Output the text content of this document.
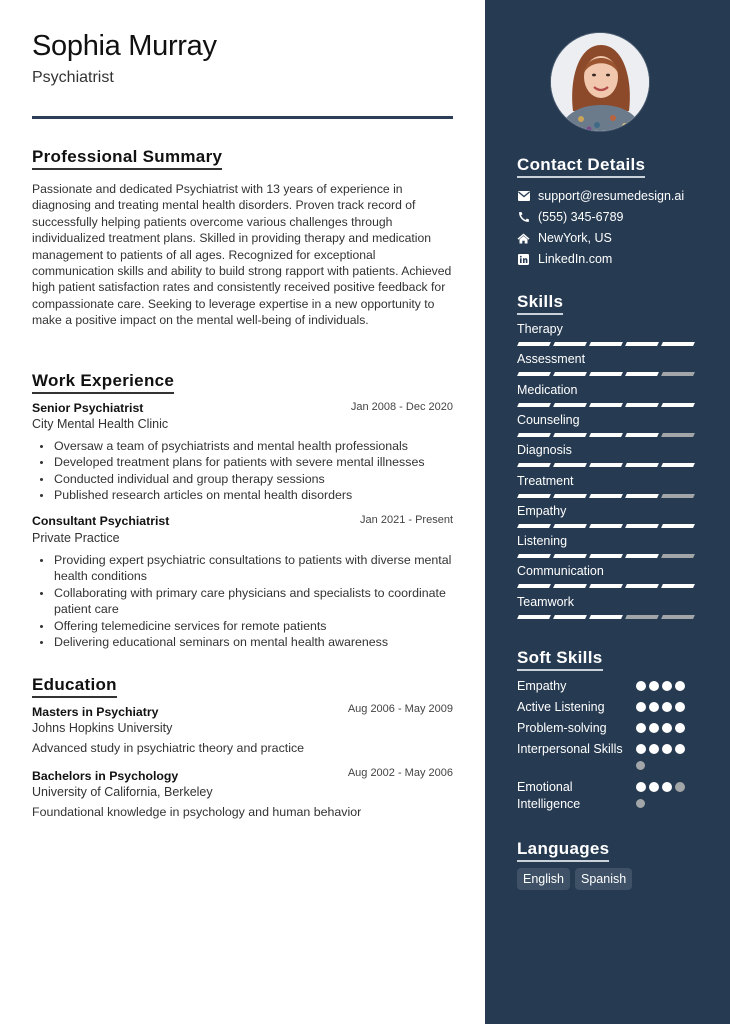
Sophia Murray
Psychiatrist
Professional Summary

Passionate and dedicated Psychiatrist with 13 years of experience in diagnosing and treating mental health disorders. Proven track record of successfully helping patients overcome various challenges through individualized treatment plans. Skilled in providing therapy and medication management to patients of all ages. Recognized for exceptional communication skills and ability to build strong rapport with patients. Achieved high patient satisfaction rates and consistently received positive feedback for compassionate care. Seeking to leverage expertise in a new opportunity to make a positive impact on the mental well-being of individuals.

Work Experience
Senior Psychiatrist	Jan 2008 - Dec 2020
City Mental Health Clinic
Oversaw a team of psychiatrists and mental health professionals
Developed treatment plans for patients with severe mental illnesses
Conducted individual and group therapy sessions
Published research articles on mental health disorders
Consultant Psychiatrist	Jan 2021 - Present
Private Practice
Providing expert psychiatric consultations to patients with diverse mental health conditions
Collaborating with primary care physicians and specialists to coordinate patient care
Offering telemedicine services for remote patients
Delivering educational seminars on mental health awareness
Education
Masters in Psychiatry	Aug 2006 - May 2009
Johns Hopkins University
Advanced study in psychiatric theory and practice
Bachelors in Psychology	Aug 2002 - May 2006
University of California, Berkeley
Foundational knowledge in psychology and human behavior
Contact Details
support@resumedesign.ai
(555) 345-6789
NewYork, US
LinkedIn.com
Skills
Therapy
Assessment
Medication
Counseling
Diagnosis
Treatment
Empathy
Listening
Communication
Teamwork
Soft Skills
Empathy
Active Listening
Problem-solving
Interpersonal Skills
Emotional Intelligence
Languages
English	Spanish
